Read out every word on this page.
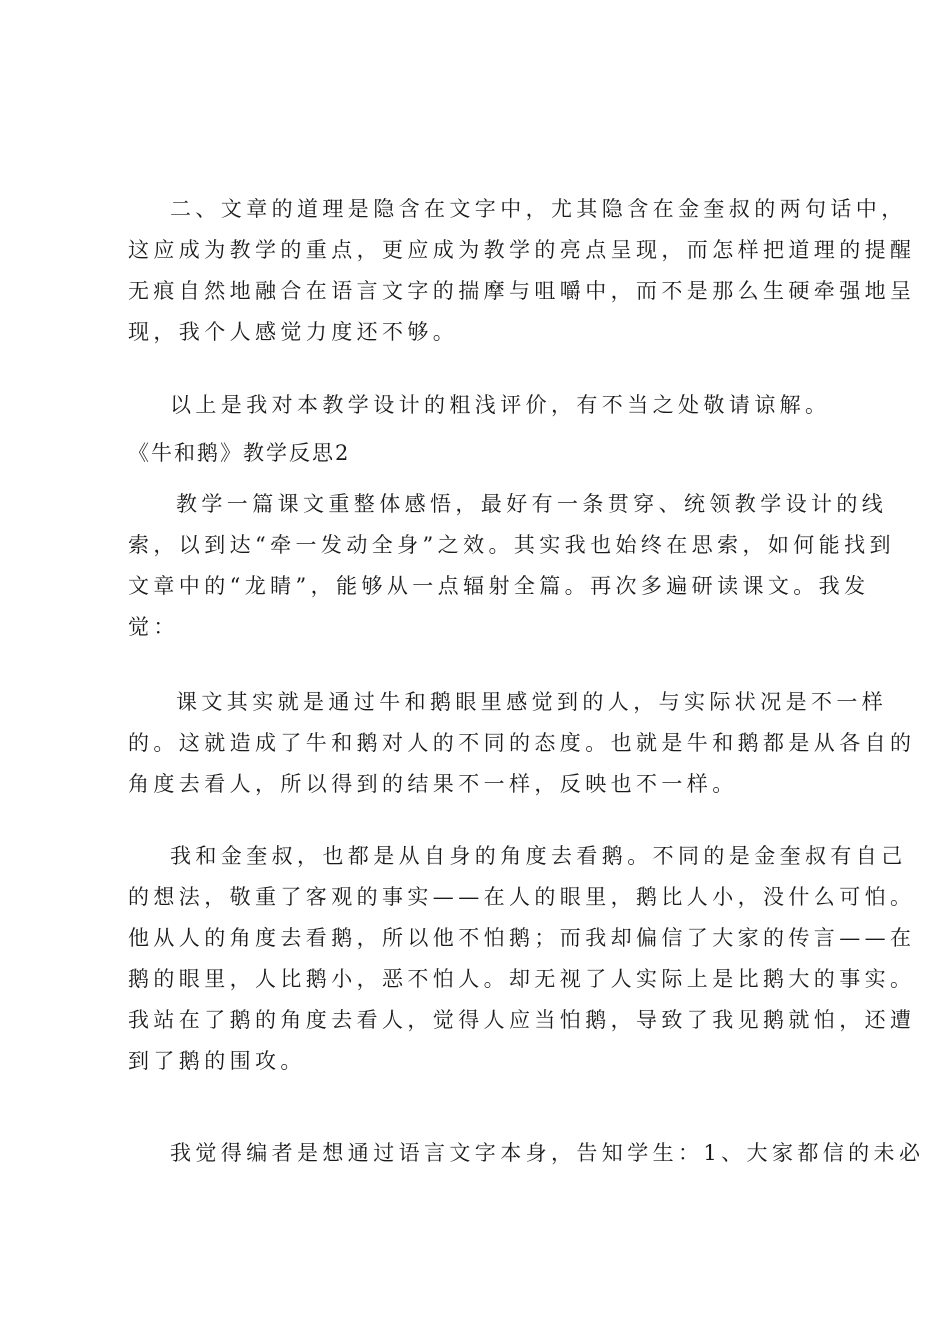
二、文章的道理是隐含在文字中，尤其隐含在金奎叔的两句话中，
这应成为教学的重点，更应成为教学的亮点呈现，而怎样把道理的提醒
无痕自然地融合在语言文字的揣摩与咀嚼中，而不是那么生硬牵强地呈
现，我个人感觉力度还不够。
以上是我对本教学设计的粗浅评价，有不当之处敬请谅解。
《牛和鹅》教学反思2
教学一篇课文重整体感悟，最好有一条贯穿、统领教学设计的线
索，以到达“牵一发动全身”之效。其实我也始终在思索，如何能找到
文章中的“龙睛”，能够从一点辐射全篇。再次多遍研读课文。我发
觉：
课文其实就是通过牛和鹅眼里感觉到的人，与实际状况是不一样
的。这就造成了牛和鹅对人的不同的态度。也就是牛和鹅都是从各自的
角度去看人，所以得到的结果不一样，反映也不一样。
我和金奎叔，也都是从自身的角度去看鹅。不同的是金奎叔有自己
的想法，敬重了客观的事实——在人的眼里，鹅比人小，没什么可怕。
他从人的角度去看鹅，所以他不怕鹅；而我却偏信了大家的传言——在
鹅的眼里，人比鹅小，恶不怕人。却无视了人实际上是比鹅大的事实。
我站在了鹅的角度去看人，觉得人应当怕鹅，导致了我见鹅就怕，还遭
到了鹅的围攻。
我觉得编者是想通过语言文字本身，告知学生：1、大家都信的未必
